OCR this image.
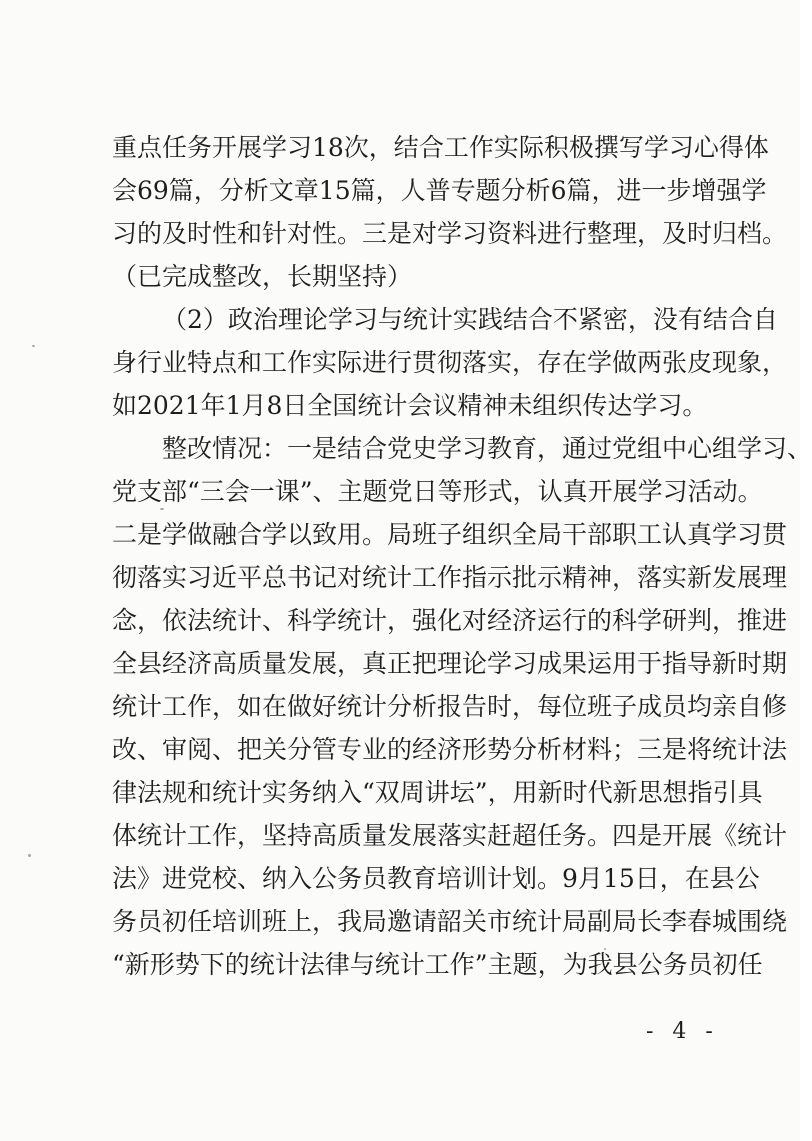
重点任务开展学习18次，结合工作实际积极撰写学习心得体
会69篇，分析文章15篇，人普专题分析6篇，进一步增强学
习的及时性和针对性。三是对学习资料进行整理，及时归档。
（已完成整改，长期坚持）
（2）政治理论学习与统计实践结合不紧密，没有结合自
身行业特点和工作实际进行贯彻落实，存在学做两张皮现象，
如2021年1月8日全国统计会议精神未组织传达学习。
整改情况：一是结合党史学习教育，通过党组中心组学习、
党支部“三会一课”、主题党日等形式，认真开展学习活动。
二是学做融合学以致用。局班子组织全局干部职工认真学习贯
彻落实习近平总书记对统计工作指示批示精神，落实新发展理
念，依法统计、科学统计，强化对经济运行的科学研判，推进
全县经济高质量发展，真正把理论学习成果运用于指导新时期
统计工作，如在做好统计分析报告时，每位班子成员均亲自修
改、审阅、把关分管专业的经济形势分析材料；三是将统计法
律法规和统计实务纳入“双周讲坛”，用新时代新思想指引具
体统计工作，坚持高质量发展落实赶超任务。四是开展《统计
法》进党校、纳入公务员教育培训计划。9月15日，在县公
务员初任培训班上，我局邀请韶关市统计局副局长李春城围绕
“新形势下的统计法律与统计工作”主题，为我县公务员初任
- 4 -
